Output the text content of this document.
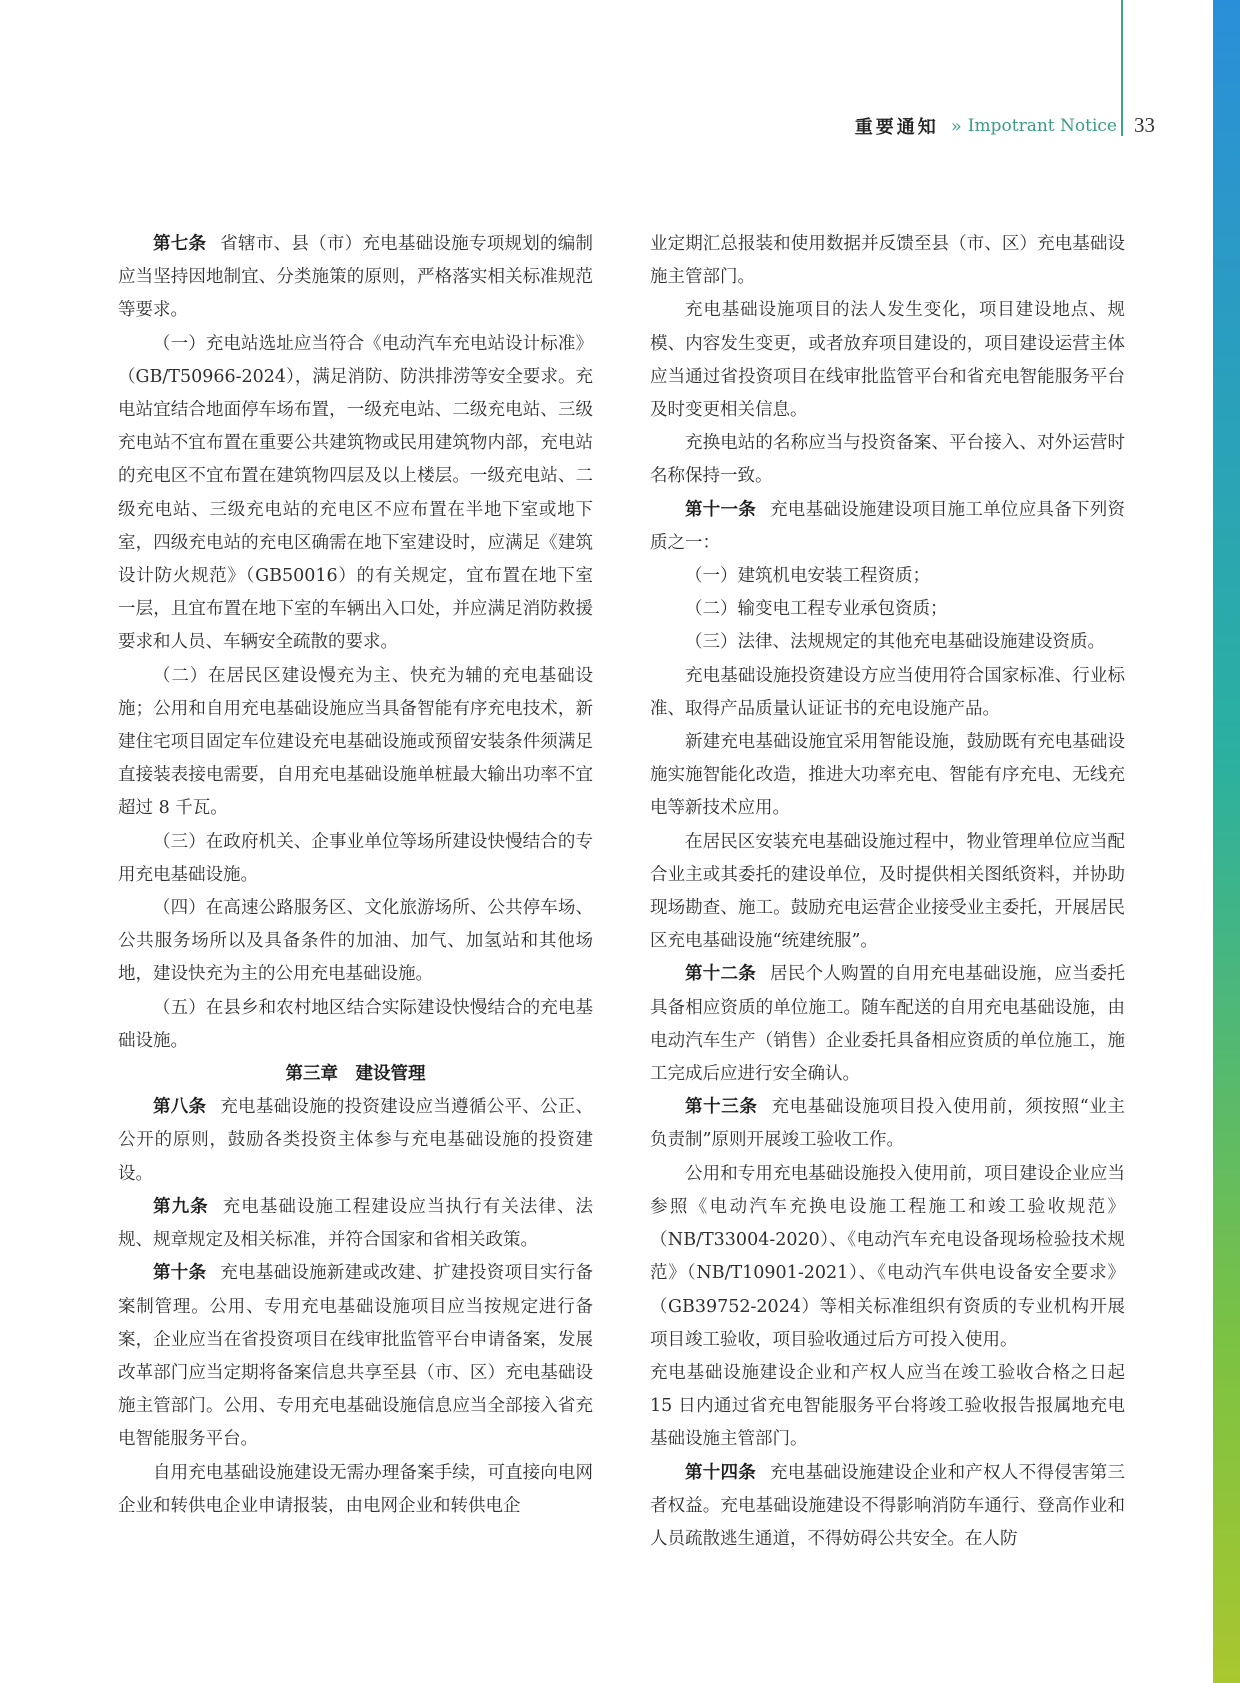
重要通知 » Impotrant Notice 33

第七条 省辖市、县（市）充电基础设施专项规划的编制应当坚持因地制宜、分类施策的原则，严格落实相关标准规范等要求。

（一）充电站选址应当符合《电动汽车充电站设计标准》（GB/T50966-2024），满足消防、防洪排涝等安全要求。充电站宜结合地面停车场布置，一级充电站、二级充电站、三级充电站不宜布置在重要公共建筑物或民用建筑物内部，充电站的充电区不宜布置在建筑物四层及以上楼层。一级充电站、二级充电站、三级充电站的充电区不应布置在半地下室或地下室，四级充电站的充电区确需在地下室建设时，应满足《建筑设计防火规范》（GB50016）的有关规定，宜布置在地下室一层，且宜布置在地下室的车辆出入口处，并应满足消防救援要求和人员、车辆安全疏散的要求。

（二）在居民区建设慢充为主、快充为辅的充电基础设施；公用和自用充电基础设施应当具备智能有序充电技术，新建住宅项目固定车位建设充电基础设施或预留安装条件须满足直接装表接电需要，自用充电基础设施单桩最大输出功率不宜超过 8 千瓦。

（三）在政府机关、企事业单位等场所建设快慢结合的专用充电基础设施。

（四）在高速公路服务区、文化旅游场所、公共停车场、公共服务场所以及具备条件的加油、加气、加氢站和其他场地，建设快充为主的公用充电基础设施。

（五）在县乡和农村地区结合实际建设快慢结合的充电基础设施。

第三章　建设管理

第八条 充电基础设施的投资建设应当遵循公平、公正、公开的原则，鼓励各类投资主体参与充电基础设施的投资建设。

第九条 充电基础设施工程建设应当执行有关法律、法规、规章规定及相关标准，并符合国家和省相关政策。

第十条 充电基础设施新建或改建、扩建投资项目实行备案制管理。公用、专用充电基础设施项目应当按规定进行备案，企业应当在省投资项目在线审批监管平台申请备案，发展改革部门应当定期将备案信息共享至县（市、区）充电基础设施主管部门。公用、专用充电基础设施信息应当全部接入省充电智能服务平台。

自用充电基础设施建设无需办理备案手续，可直接向电网企业和转供电企业申请报装，由电网企业和转供电企

业定期汇总报装和使用数据并反馈至县（市、区）充电基础设施主管部门。

充电基础设施项目的法人发生变化，项目建设地点、规模、内容发生变更，或者放弃项目建设的，项目建设运营主体应当通过省投资项目在线审批监管平台和省充电智能服务平台及时变更相关信息。

充换电站的名称应当与投资备案、平台接入、对外运营时名称保持一致。

第十一条 充电基础设施建设项目施工单位应具备下列资质之一：

（一）建筑机电安装工程资质；

（二）输变电工程专业承包资质；

（三）法律、法规规定的其他充电基础设施建设资质。

充电基础设施投资建设方应当使用符合国家标准、行业标准、取得产品质量认证证书的充电设施产品。

新建充电基础设施宜采用智能设施，鼓励既有充电基础设施实施智能化改造，推进大功率充电、智能有序充电、无线充电等新技术应用。

在居民区安装充电基础设施过程中，物业管理单位应当配合业主或其委托的建设单位，及时提供相关图纸资料，并协助现场勘查、施工。鼓励充电运营企业接受业主委托，开展居民区充电基础设施“统建统服”。

第十二条 居民个人购置的自用充电基础设施，应当委托具备相应资质的单位施工。随车配送的自用充电基础设施，由电动汽车生产（销售）企业委托具备相应资质的单位施工，施工完成后应进行安全确认。

第十三条 充电基础设施项目投入使用前，须按照“业主负责制”原则开展竣工验收工作。

公用和专用充电基础设施投入使用前，项目建设企业应当参照《电动汽车充换电设施工程施工和竣工验收规范》（NB/T33004-2020）、《电动汽车充电设备现场检验技术规范》（NB/T10901-2021）、《电动汽车供电设备安全要求》（GB39752-2024）等相关标准组织有资质的专业机构开展项目竣工验收，项目验收通过后方可投入使用。

充电基础设施建设企业和产权人应当在竣工验收合格之日起 15 日内通过省充电智能服务平台将竣工验收报告报属地充电基础设施主管部门。

第十四条 充电基础设施建设企业和产权人不得侵害第三者权益。充电基础设施建设不得影响消防车通行、登高作业和人员疏散逃生通道，不得妨碍公共安全。在人防
